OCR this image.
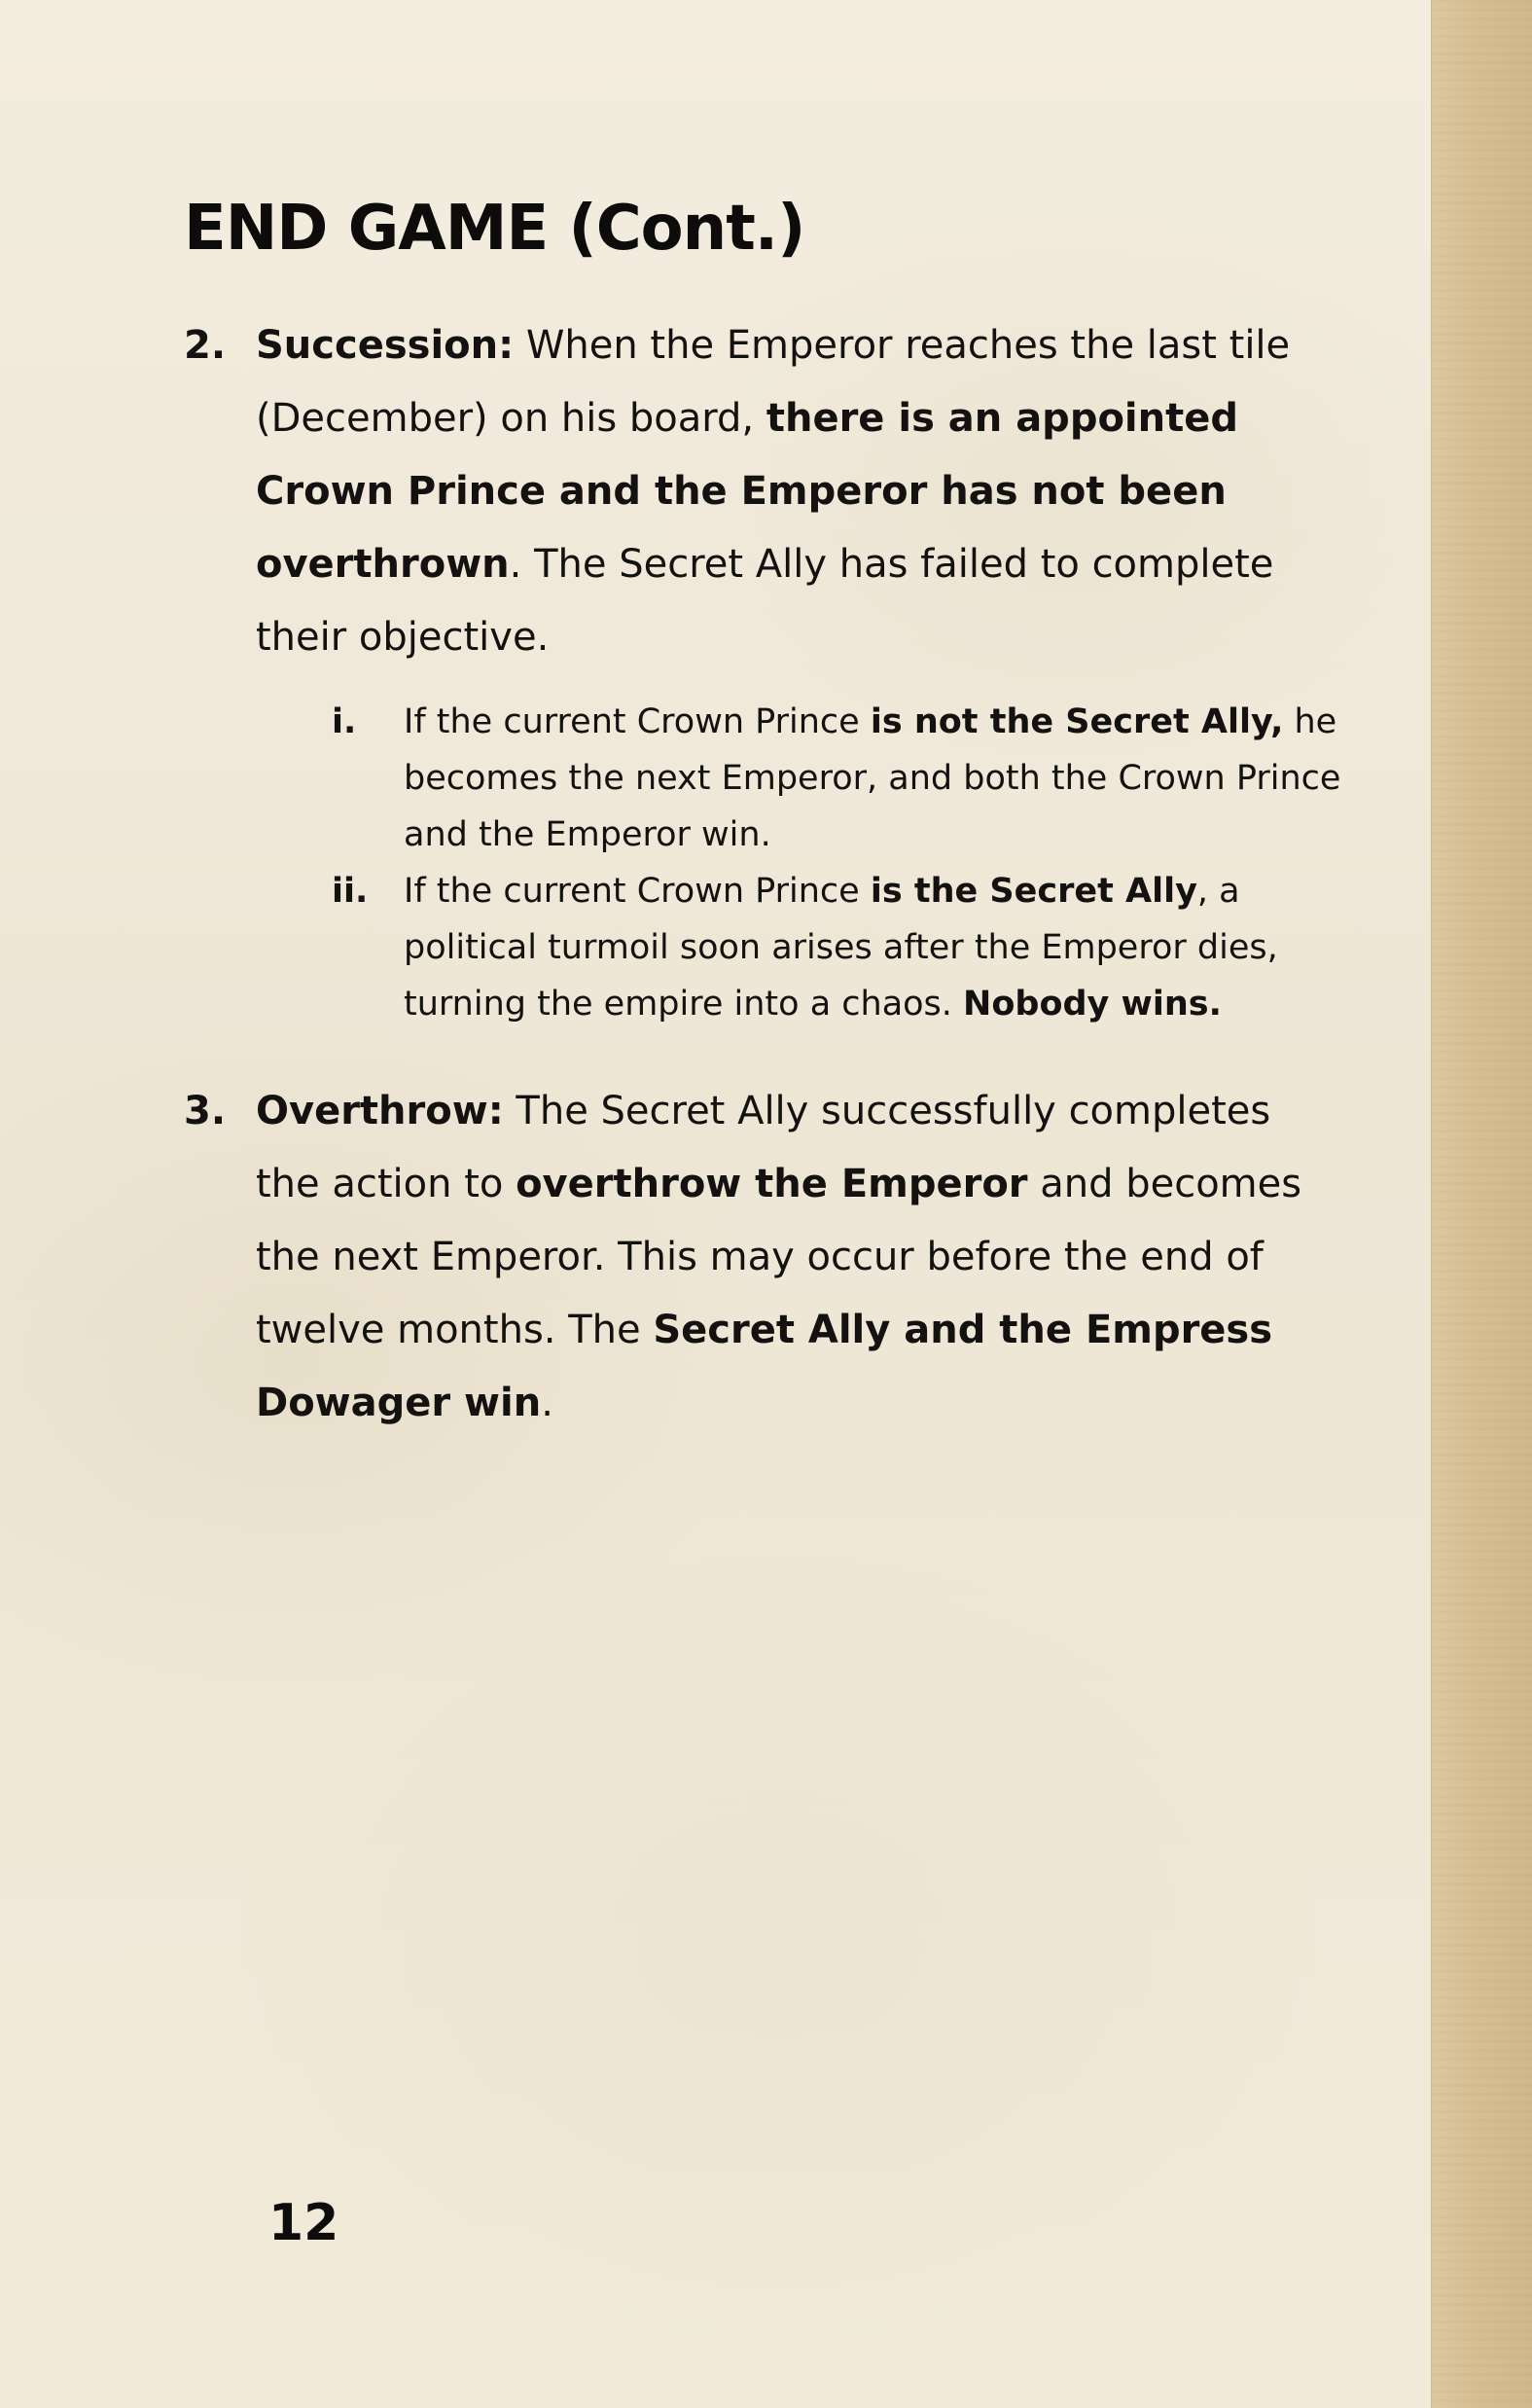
END GAME (Cont.)
2. Succession: When the Emperor reaches the last tile (December) on his board, there is an appointed Crown Prince and the Emperor has not been overthrown. The Secret Ally has failed to complete their objective.
i. If the current Crown Prince is not the Secret Ally, he becomes the next Emperor, and both the Crown Prince and the Emperor win.
ii. If the current Crown Prince is the Secret Ally, a political turmoil soon arises after the Emperor dies, turning the empire into a chaos. Nobody wins.
3. Overthrow: The Secret Ally successfully completes the action to overthrow the Emperor and becomes the next Emperor. This may occur before the end of twelve months. The Secret Ally and the Empress Dowager win.
12
